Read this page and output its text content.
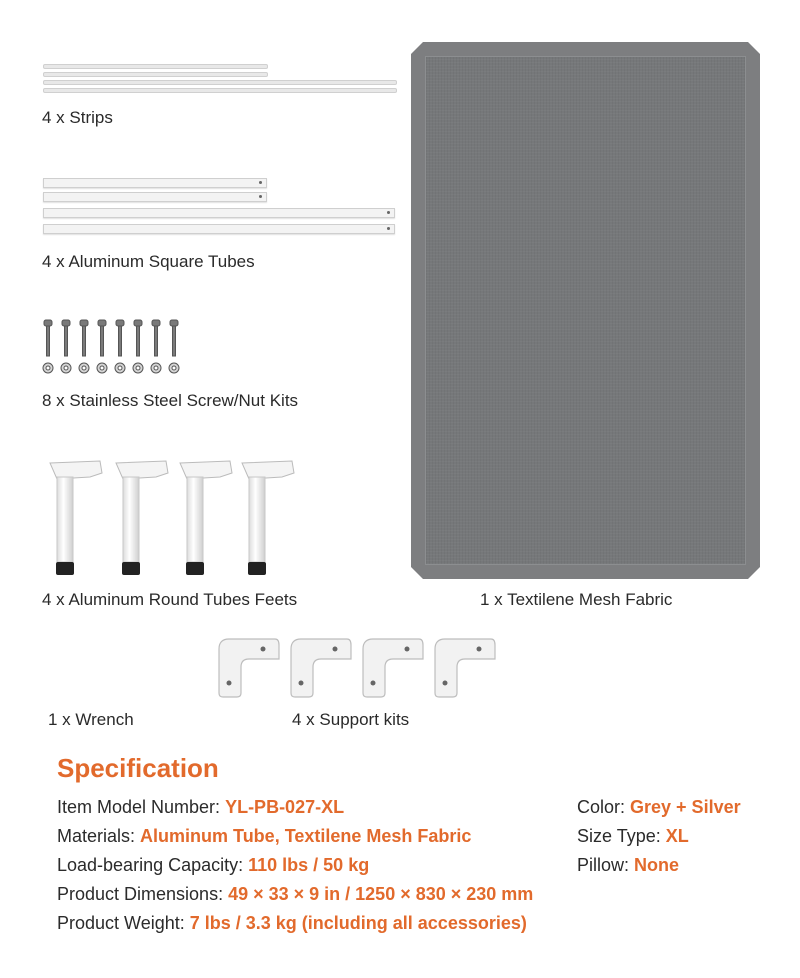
4 x Strips
4 x Aluminum Square Tubes
8 x Stainless Steel Screw/Nut Kits
4 x Aluminum Round Tubes Feets	1 x Textilene Mesh Fabric
1 x Wrench	4 x Support kits
Specification
Item Model Number: YL-PB-027-XL
Materials: Aluminum Tube, Textilene Mesh Fabric
Load-bearing Capacity: 110 lbs / 50 kg
Product Dimensions: 49 × 33 × 9 in / 1250 × 830 × 230 mm
Product Weight: 7 lbs / 3.3 kg (including all accessories)
Color: Grey + Silver
Size Type: XL
Pillow: None
